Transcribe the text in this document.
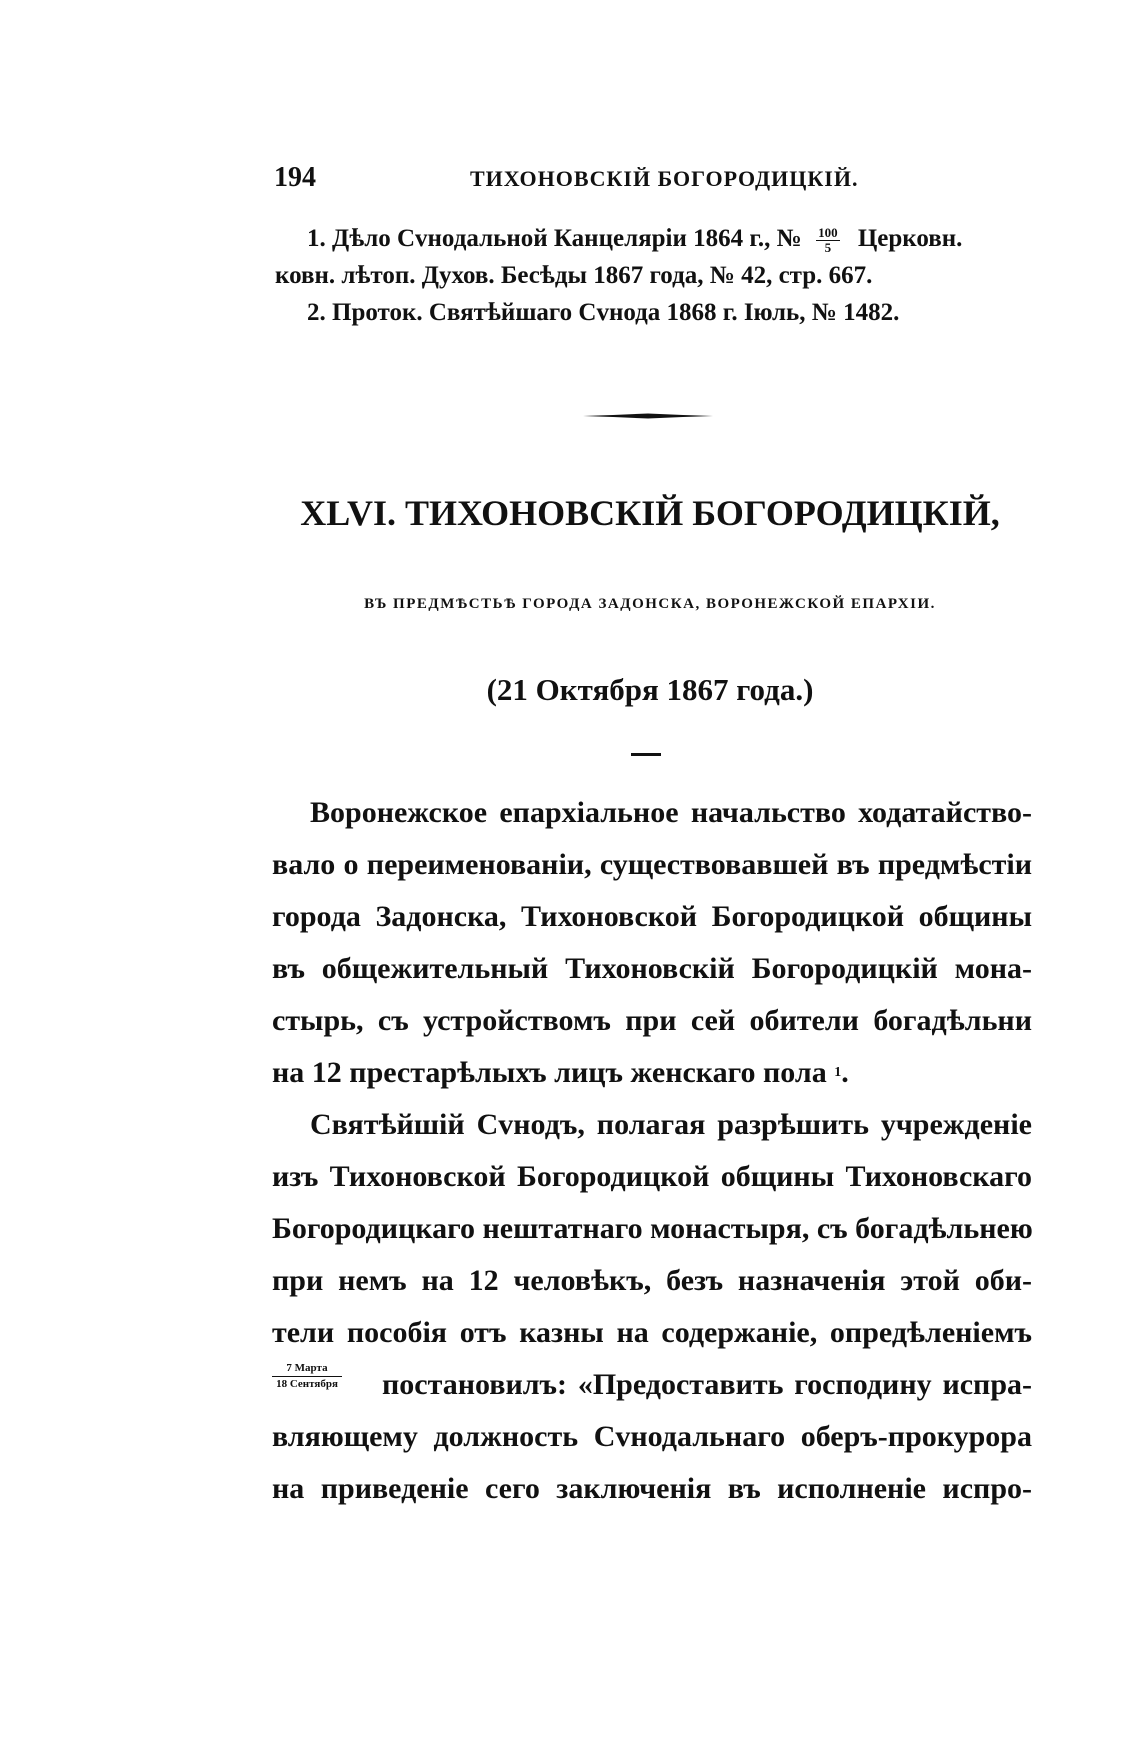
194	ТИХОНОВСКІЙ БОГОРОДИЦКІЙ.
1. Дѣло Сvнодальной Канцеляріи 1864 г., № $\frac{100}{5}$ Церковн.
ковн. лѣтоп. Духов. Бесѣды 1867 года, № 42, стр. 667.
2. Проток. Святѣйшаго Сvнода 1868 г. Іюль, № 1482.
XLVI. ТИХОНОВСКІЙ БОГОРОДИЦКІЙ,
ВЪ ПРЕДМѢСТЬѢ ГОРОДА ЗАДОНСКА, ВОРОНЕЖСКОЙ ЕПАРХІИ.
(21 Октября 1867 года.)
Воронежское епархіальное начальство ходатайство-
вало о переименованіи, существовавшей въ предмѣстіи
города Задонска, Тихоновской Богородицкой общины
въ общежительный Тихоновскій Богородицкій мона-
стырь, съ устройствомъ при сей обители богадѣльни
на 12 престарѣлыхъ лицъ женскаго пола $^1$.
Святѣйшій Сvнодъ, полагая разрѣшить учрежденіе
изъ Тихоновской Богородицкой общины Тихоновскаго
Богородицкаго нештатнаго монастыря, съ богадѣльнею
при немъ на 12 человѣкъ, безъ назначенія этой оби-
тели пособія отъ казны на содержаніе, опредѣленіемъ
7 Марта
18 Сентября	постановилъ: «Предоставить господину испра-
вляющему должность Сvнодальнаго оберъ-прокурора
на приведеніе сего заключенія въ исполненіе испро-
